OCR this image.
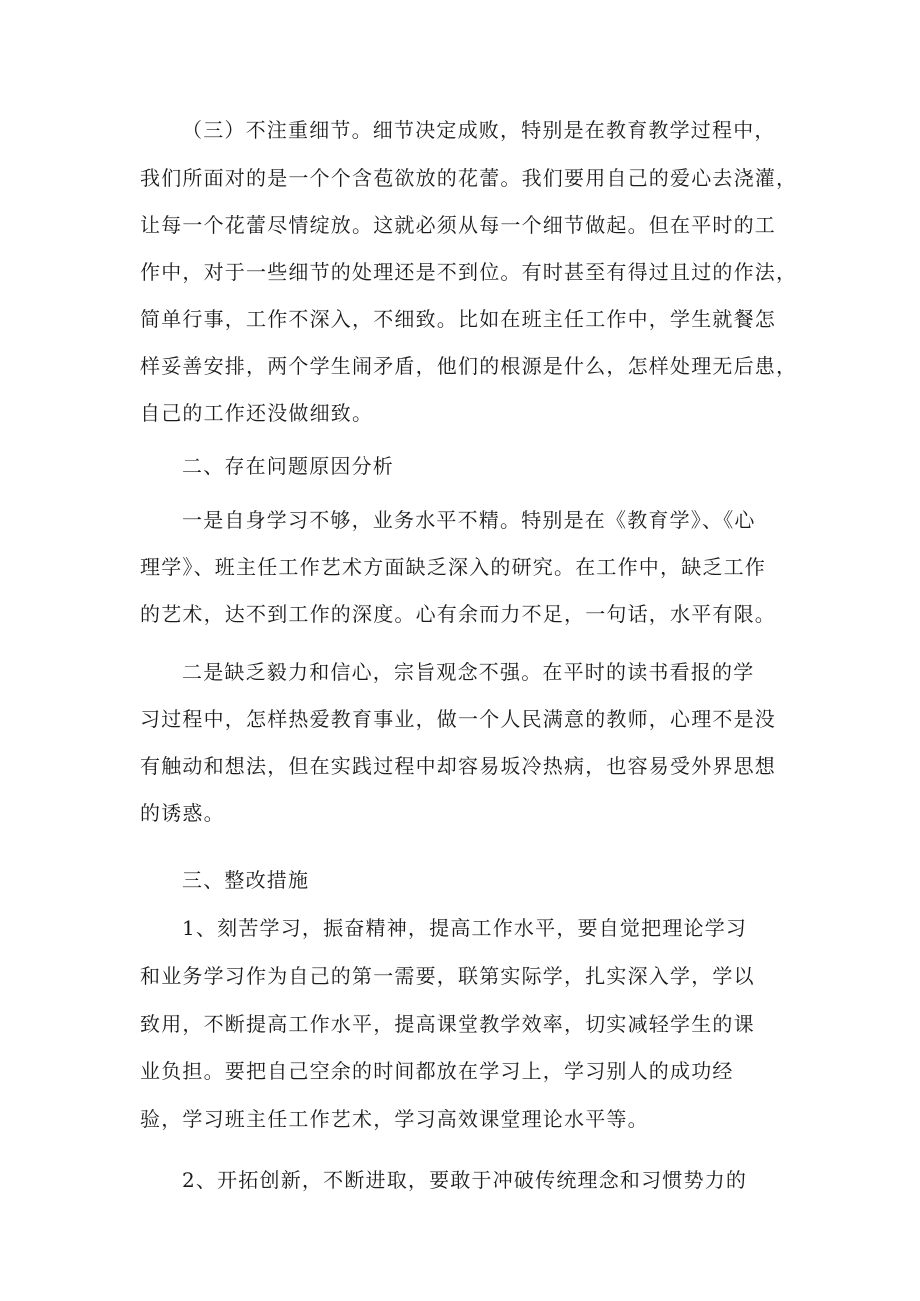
（三）不注重细节。细节决定成败，特别是在教育教学过程中，
我们所面对的是一个个含苞欲放的花蕾。我们要用自己的爱心去浇灌，
让每一个花蕾尽情绽放。这就必须从每一个细节做起。但在平时的工
作中，对于一些细节的处理还是不到位。有时甚至有得过且过的作法，
简单行事，工作不深入，不细致。比如在班主任工作中，学生就餐怎
样妥善安排，两个学生闹矛盾，他们的根源是什么，怎样处理无后患，
自己的工作还没做细致。
二、存在问题原因分析
一是自身学习不够，业务水平不精。特别是在《教育学》、《心
理学》、班主任工作艺术方面缺乏深入的研究。在工作中，缺乏工作
的艺术，达不到工作的深度。心有余而力不足，一句话，水平有限。
二是缺乏毅力和信心，宗旨观念不强。在平时的读书看报的学
习过程中，怎样热爱教育事业，做一个人民满意的教师，心理不是没
有触动和想法，但在实践过程中却容易坂冷热病，也容易受外界思想
的诱惑。
三、整改措施
1、刻苦学习，振奋精神，提高工作水平，要自觉把理论学习
和业务学习作为自己的第一需要，联第实际学，扎实深入学，学以
致用，不断提高工作水平，提高课堂教学效率，切实减轻学生的课
业负担。要把自己空余的时间都放在学习上，学习别人的成功经
验，学习班主任工作艺术，学习高效课堂理论水平等。
2、开拓创新，不断进取，要敢于冲破传统理念和习惯势力的
